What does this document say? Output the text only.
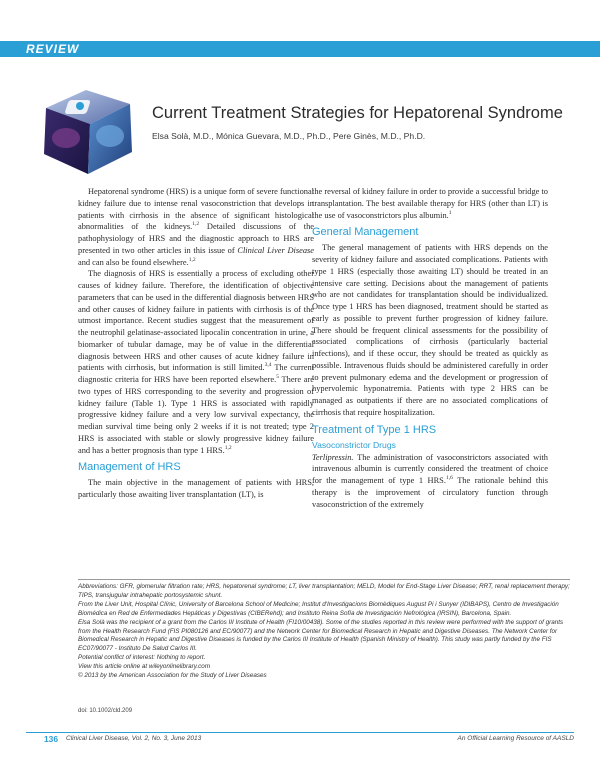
REVIEW
Current Treatment Strategies for Hepatorenal Syndrome
Elsa Solà, M.D., Mónica Guevara, M.D., Ph.D., Pere Ginès, M.D., Ph.D.

Hepatorenal syndrome (HRS) is a unique form of severe functional kidney failure due to intense renal vasoconstriction that develops in patients with cirrhosis in the absence of significant histological abnormalities of the kidneys.$^{1,2}$ Detailed discussions of the pathophysiology of HRS and the diagnostic approach to HRS are presented in two other articles in this issue of Clinical Liver Disease and can also be found elsewhere.$^{1,2}$

The diagnosis of HRS is essentially a process of excluding other causes of kidney failure. Therefore, the identification of objective parameters that can be used in the differential diagnosis between HRS and other causes of kidney failure in patients with cirrhosis is of the utmost importance. Recent studies suggest that the measurement of the neutrophil gelatinase-associated lipocalin concentration in urine, a biomarker of tubular damage, may be of value in the differential diagnosis between HRS and other causes of acute kidney failure in patients with cirrhosis, but information is still limited.$^{3,4}$ The current diagnostic criteria for HRS have been reported elsewhere.$^5$ There are two types of HRS corresponding to the severity and progression of kidney failure (Table 1). Type 1 HRS is associated with rapidly progressive kidney failure and a very low survival expectancy, the median survival time being only 2 weeks if it is not treated; type 2 HRS is associated with stable or slowly progressive kidney failure and has a better prognosis than type 1 HRS.$^{1,2}$

Management of HRS

The main objective in the management of patients with HRS, particularly those awaiting liver transplantation (LT), is

the reversal of kidney failure in order to provide a successful bridge to transplantation. The best available therapy for HRS (other than LT) is the use of vasoconstrictors plus albumin.$^1$

General Management

The general management of patients with HRS depends on the severity of kidney failure and associated complications. Patients with type 1 HRS (especially those awaiting LT) should be treated in an intensive care setting. Decisions about the management of patients who are not candidates for transplantation should be individualized. Once type 1 HRS has been diagnosed, treatment should be started as early as possible to prevent further progression of kidney failure. There should be frequent clinical assessments for the possibility of associated complications of cirrhosis (particularly bacterial infections), and if these occur, they should be treated as quickly as possible. Intravenous fluids should be administered carefully in order to prevent pulmonary edema and the development or progression of hypervolemic hyponatremia. Patients with type 2 HRS can be managed as outpatients if there are no associated complications of cirrhosis that require hospitalization.

Treatment of Type 1 HRS
Vasoconstrictor Drugs

Terlipressin. The administration of vasoconstrictors associated with intravenous albumin is currently considered the treatment of choice for the management of type 1 HRS.$^{1,6}$ The rationale behind this therapy is the improvement of circulatory function through vasoconstriction of the extremely

Abbreviations: GFR, glomerular filtration rate; HRS, hepatorenal syndrome; LT, liver transplantation; MELD, Model for End-Stage Liver Disease; RRT, renal replacement therapy; TIPS, transjugular intrahepatic portosystemic shunt.
From the Liver Unit, Hospital Clínic, University of Barcelona School of Medicine; Institut d'Investigacions Biomèdiques August Pi i Sunyer (IDIBAPS), Centro de Investigación Biomédica en Red de Enfermedades Hepáticas y Digestivas (CIBERehd); and Instituto Reina Sofía de Investigación Nefrológica (IRSIN), Barcelona, Spain.
Elsa Solà was the recipient of a grant from the Carlos III Institute of Health (FI10/00438). Some of the studies reported in this review were performed with the support of grants from the Health Research Fund (FIS PI080126 and EC/90077) and the Network Center for Biomedical Research in Hepatic and Digestive Diseases. The Network Center for Biomedical Research in Hepatic and Digestive Diseases is funded by the Carlos III Institute of Health (Spanish Ministry of Health). This study was partly funded by the FIS EC07/90077 - Instituto De Salud Carlos III.
Potential conflict of interest: Nothing to report.
View this article online at wileyonlinelibrary.com
© 2013 by the American Association for the Study of Liver Diseases
doi: 10.1002/cld.209
136 Clinical Liver Disease, Vol. 2, No. 3, June 2013	An Official Learning Resource of AASLD
